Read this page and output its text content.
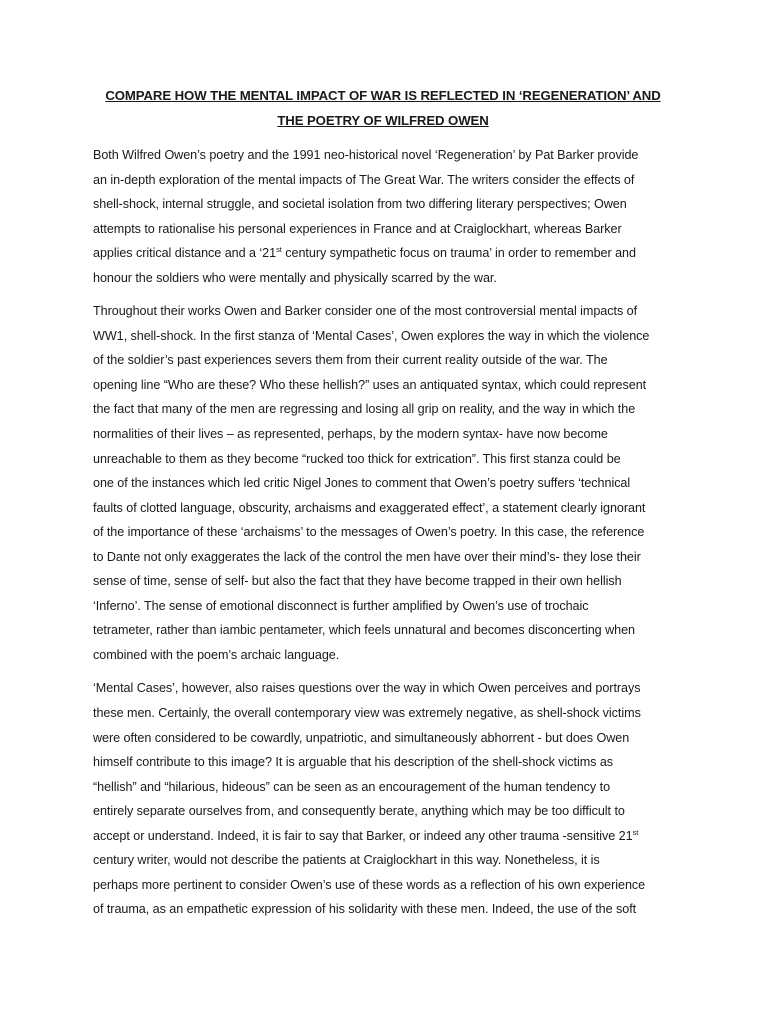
COMPARE HOW THE MENTAL IMPACT OF WAR IS REFLECTED IN ‘REGENERATION’ AND
THE POETRY OF WILFRED OWEN
Both Wilfred Owen’s poetry and the 1991 neo-historical novel ‘Regeneration’ by Pat Barker provide
an in-depth exploration of the mental impacts of The Great War. The writers consider the effects of
shell-shock, internal struggle, and societal isolation from two differing literary perspectives; Owen
attempts to rationalise his personal experiences in France and at Craiglockhart, whereas Barker
applies critical distance and a ‘21st century sympathetic focus on trauma’ in order to remember and
honour the soldiers who were mentally and physically scarred by the war.
Throughout their works Owen and Barker consider one of the most controversial mental impacts of
WW1, shell-shock. In the first stanza of ‘Mental Cases’, Owen explores the way in which the violence
of the soldier’s past experiences severs them from their current reality outside of the war. The
opening line “Who are these? Who these hellish?” uses an antiquated syntax, which could represent
the fact that many of the men are regressing and losing all grip on reality, and the way in which the
normalities of their lives – as represented, perhaps, by the modern syntax- have now become
unreachable to them as they become “rucked too thick for extrication”. This first stanza could be
one of the instances which led critic Nigel Jones to comment that Owen’s poetry suffers ‘technical
faults of clotted language, obscurity, archaisms and exaggerated effect’, a statement clearly ignorant
of the importance of these ‘archaisms’ to the messages of Owen’s poetry. In this case, the reference
to Dante not only exaggerates the lack of the control the men have over their mind’s- they lose their
sense of time, sense of self- but also the fact that they have become trapped in their own hellish
‘Inferno’. The sense of emotional disconnect is further amplified by Owen’s use of trochaic
tetrameter, rather than iambic pentameter, which feels unnatural and becomes disconcerting when
combined with the poem’s archaic language.
‘Mental Cases’, however, also raises questions over the way in which Owen perceives and portrays
these men. Certainly, the overall contemporary view was extremely negative, as shell-shock victims
were often considered to be cowardly, unpatriotic, and simultaneously abhorrent - but does Owen
himself contribute to this image? It is arguable that his description of the shell-shock victims as
“hellish” and “hilarious, hideous” can be seen as an encouragement of the human tendency to
entirely separate ourselves from, and consequently berate, anything which may be too difficult to
accept or understand. Indeed, it is fair to say that Barker, or indeed any other trauma -sensitive 21st
century writer, would not describe the patients at Craiglockhart in this way. Nonetheless, it is
perhaps more pertinent to consider Owen’s use of these words as a reflection of his own experience
of trauma, as an empathetic expression of his solidarity with these men. Indeed, the use of the soft
